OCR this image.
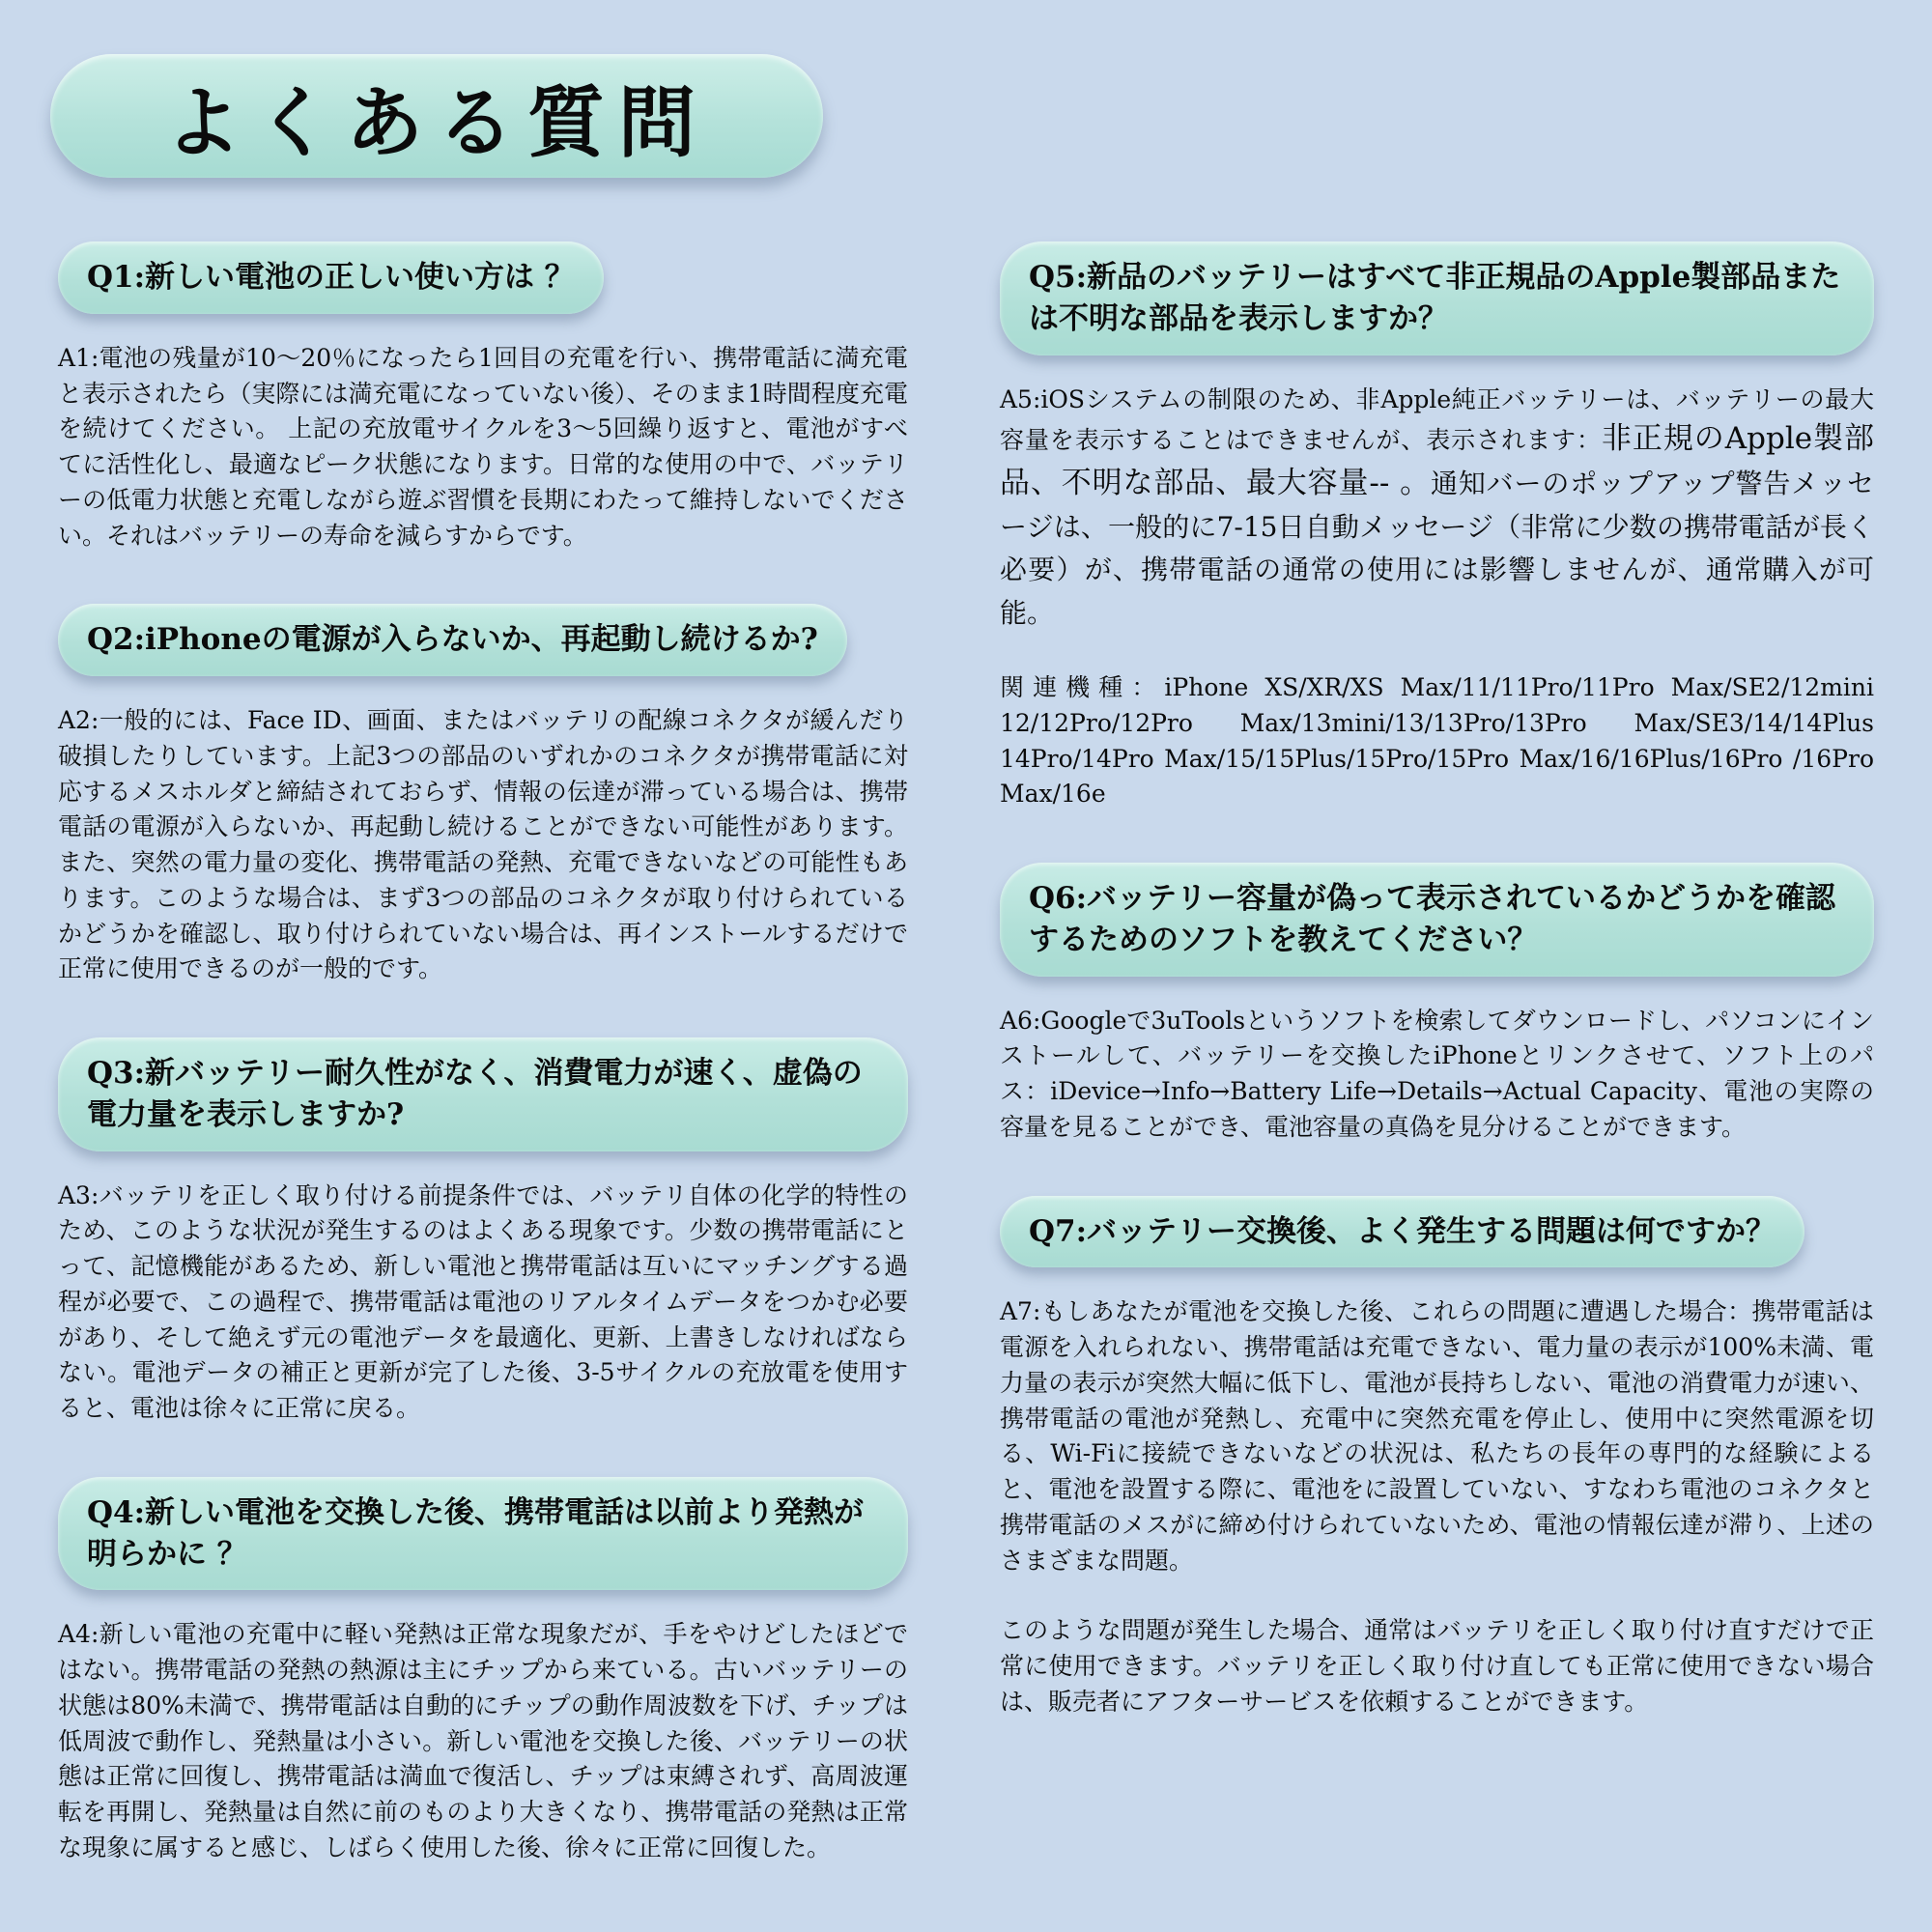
よくある質問
Q1:新しい電池の正しい使い方は ？

A1:電池の残量が10〜20％になったら1回目の充電を行い、携帯電話に満充電と表示されたら（実際には満充電になっていない後）、そのまま1時間程度充電を続けてください。 上記の充放電サイクルを3〜5回繰り返すと、電池がすべてに活性化し、最適なピーク状態になります。日常的な使用の中で、バッテリーの低電力状態と充電しながら遊ぶ習慣を長期にわたって維持しないでください。それはバッテリーの寿命を減らすからです。

Q2:iPhoneの電源が入らないか、再起動し続けるか?

A2:一般的には、Face ID、画面、またはバッテリの配線コネクタが緩んだり破損したりしています。上記3つの部品のいずれかのコネクタが携帯電話に対応するメスホルダと締結されておらず、情報の伝達が滞っている場合は、携帯電話の電源が入らないか、再起動し続けることができない可能性があります。また、突然の電力量の変化、携帯電話の発熱、充電できないなどの可能性もあります。このような場合は、まず3つの部品のコネクタが取り付けられているかどうかを確認し、取り付けられていない場合は、再インストールするだけで正常に使用できるのが一般的です。

Q3:新バッテリー耐久性がなく、消費電力が速く、虚偽の電力量を表示しますか?

A3:バッテリを正しく取り付ける前提条件では、バッテリ自体の化学的特性のため、このような状況が発生するのはよくある現象です。少数の携帯電話にとって、記憶機能があるため、新しい電池と携帯電話は互いにマッチングする過程が必要で、この過程で、携帯電話は電池のリアルタイムデータをつかむ必要があり、そして絶えず元の電池データを最適化、更新、上書きしなければならない。電池データの補正と更新が完了した後、3-5サイクルの充放電を使用すると、電池は徐々に正常に戻る。

Q4:新しい電池を交換した後、携帯電話は以前より発熱が明らかに ？

A4:新しい電池の充電中に軽い発熱は正常な現象だが、手をやけどしたほどではない。携帯電話の発熱の熱源は主にチップから来ている。古いバッテリーの状態は80%未満で、携帯電話は自動的にチップの動作周波数を下げ、チップは低周波で動作し、発熱量は小さい。新しい電池を交換した後、バッテリーの状態は正常に回復し、携帯電話は満血で復活し、チップは束縛されず、高周波運転を再開し、発熱量は自然に前のものより大きくなり、携帯電話の発熱は正常な現象に属すると感じ、しばらく使用した後、徐々に正常に回復した。

Q5:新品のバッテリーはすべて非正規品のApple製部品または不明な部品を表示しますか？

A5:iOSシステムの制限のため、非Apple純正バッテリーは、バッテリーの最大容量を表示することはできませんが、表示されます：非正規のApple製部品、不明な部品、最大容量-- 。通知バーのポップアップ警告メッセージは、一般的に7-15日自動メッセージ（非常に少数の携帯電話が長く必要）が、携帯電話の通常の使用には影響しませんが、通常購入が可能。

関連機種：iPhone XS/XR/XS Max/11/11Pro/11Pro Max/SE2/12mini 12/12Pro/12Pro Max/13mini/13/13Pro/13Pro Max/SE3/14/14Plus 14Pro/14Pro Max/15/15Plus/15Pro/15Pro Max/16/16Plus/16Pro /16Pro Max/16e

Q6:バッテリー容量が偽って表示されているかどうかを確認するためのソフトを教えてください？

A6:Googleで3uToolsというソフトを検索してダウンロードし、パソコンにインストールして、バッテリーを交換したiPhoneとリンクさせて、ソフト上のパス：iDevice→Info→Battery Life→Details→Actual Capacity、電池の実際の容量を見ることができ、電池容量の真偽を見分けることができます。

Q7:バッテリー交換後、よく発生する問題は何ですか？

A7:もしあなたが電池を交換した後、これらの問題に遭遇した場合：携帯電話は電源を入れられない、携帯電話は充電できない、電力量の表示が100%未満、電力量の表示が突然大幅に低下し、電池が長持ちしない、電池の消費電力が速い、携帯電話の電池が発熱し、充電中に突然充電を停止し、使用中に突然電源を切る、Wi-Fiに接続できないなどの状況は、私たちの長年の専門的な経験によると、電池を設置する際に、電池をに設置していない、すなわち電池のコネクタと携帯電話のメスがに締め付けられていないため、電池の情報伝達が滞り、上述のさまざまな問題。

このような問題が発生した場合、通常はバッテリを正しく取り付け直すだけで正常に使用できます。バッテリを正しく取り付け直しても正常に使用できない場合は、販売者にアフターサービスを依頼することができます。
